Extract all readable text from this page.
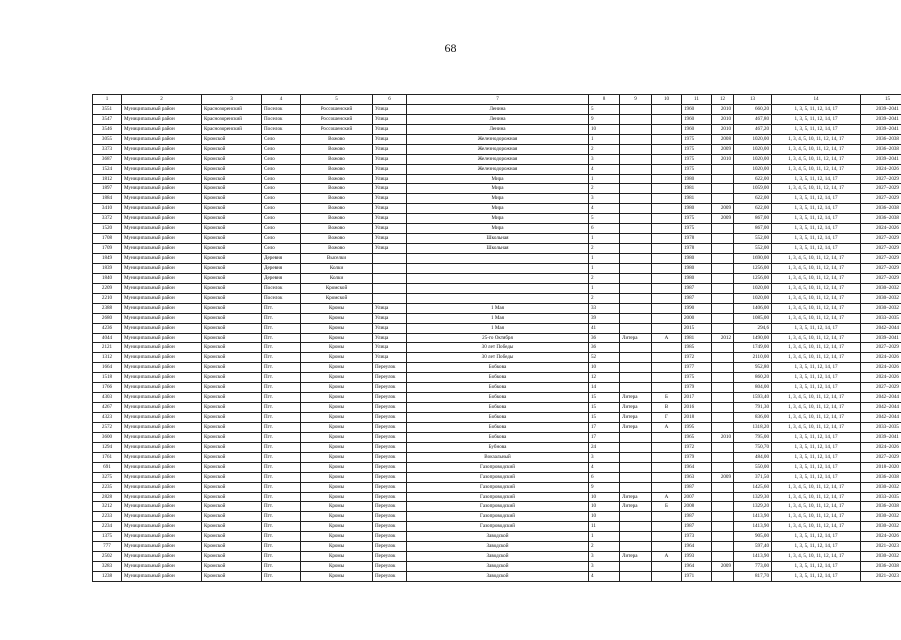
68
1	2	3	4	5	6	7	8	9	10	11	12	13	14	15
3551	Муниципальный район	Краснозоренский	Поселок	Россошенский	Улица	Ленина	5			1960	2010	660,20	1, 3, 5, 11, 12, 14, 17	2039–2041
3547	Муниципальный район	Краснозоренский	Поселок	Россошенский	Улица	Ленина	9			1960	2010	467,80	1, 3, 5, 11, 12, 14, 17	2039–2041
3546	Муниципальный район	Краснозоренский	Поселок	Россошенский	Улица	Ленина	10			1960	2010	467,20	1, 3, 5, 11, 12, 14, 17	2039–2041
3055	Муниципальный район	Кромской	Село	Вожово	Улица	Железнодорожная	1			1975	2008	1020,00	1, 3, 4, 5, 10, 11, 12, 14, 17	2036–2038
3373	Муниципальный район	Кромской	Село	Вожово	Улица	Железнодорожная	2			1975	2009	1020,00	1, 3, 4, 5, 10, 11, 12, 14, 17	2036–2038
3687	Муниципальный район	Кромской	Село	Вожово	Улица	Железнодорожная	3			1975	2010	1020,00	1, 3, 4, 5, 10, 11, 12, 14, 17	2039–2041
1524	Муниципальный район	Кромской	Село	Вожово	Улица	Железнодорожная	4			1975		1020,00	1, 3, 4, 5, 10, 11, 12, 14, 17	2024–2026
1812	Муниципальный район	Кромской	Село	Вожово	Улица	Мира	1			1980		622,00	1, 3, 5, 11, 12, 14, 17	2027–2029
1897	Муниципальный район	Кромской	Село	Вожово	Улица	Мира	2			1981		1059,00	1, 3, 4, 5, 10, 11, 12, 14, 17	2027–2029
1884	Муниципальный район	Кромской	Село	Вожово	Улица	Мира	3			1981		622,00	1, 3, 5, 11, 12, 14, 17	2027–2029
3410	Муниципальный район	Кромской	Село	Вожово	Улица	Мира	4			1980	2009	622,00	1, 3, 5, 11, 12, 14, 17	2036–2038
3372	Муниципальный район	Кромской	Село	Вожово	Улица	Мира	5			1975	2009	867,00	1, 3, 5, 11, 12, 14, 17	2036–2038
1520	Муниципальный район	Кромской	Село	Вожово	Улица	Мира	6			1975		867,00	1, 3, 5, 11, 12, 14, 17	2024–2026
1708	Муниципальный район	Кромской	Село	Вожово	Улица	Школьная	1			1978		552,00	1, 3, 5, 11, 12, 14, 17	2027–2029
1709	Муниципальный район	Кромской	Село	Вожово	Улица	Школьная	2			1978		552,00	1, 3, 5, 11, 12, 14, 17	2027–2029
1849	Муниципальный район	Кромской	Деревня	Выселки			1			1980		1690,00	1, 3, 4, 5, 10, 11, 12, 14, 17	2027–2029
1839	Муниципальный район	Кромской	Деревня	Колки			1			1980		1256,00	1, 3, 4, 5, 10, 11, 12, 14, 17	2027–2029
1840	Муниципальный район	Кромской	Деревня	Колки			2			1980		1256,00	1, 3, 4, 5, 10, 11, 12, 14, 17	2027–2029
2209	Муниципальный район	Кромской	Поселок	Кромской			1			1987		1020,00	1, 3, 4, 5, 10, 11, 12, 14, 17	2030–2032
2210	Муниципальный район	Кромской	Поселок	Кромской			2			1987		1020,00	1, 3, 4, 5, 10, 11, 12, 14, 17	2030–2032
2388	Муниципальный район	Кромской	Пгт.	Кромы	Улица	1 Мая	33			1990		1406,00	1, 3, 4, 5, 10, 11, 12, 14, 17	2030–2032
2680	Муниципальный район	Кромской	Пгт.	Кромы	Улица	1 Мая	39			2000		1085,00	1, 3, 4, 5, 10, 11, 12, 14, 17	2033–2035
4236	Муниципальный район	Кромской	Пгт.	Кромы	Улица	1 Мая	41			2015		294,6	1, 3, 5, 11, 12, 14, 17	2042–2044
4044	Муниципальный район	Кромской	Пгт.	Кромы	Улица	25-го Октября	36	Литера	А	1981	2012	1490,00	1, 3, 4, 5, 10, 11, 12, 14, 17	2039–2041
2121	Муниципальный район	Кромской	Пгт.	Кромы	Улица	30 лет Победы	36			1985		1749,00	1, 3, 4, 5, 10, 11, 12, 14, 17	2027–2029
1312	Муниципальный район	Кромской	Пгт.	Кромы	Улица	30 лет Победы	52			1972		2110,00	1, 3, 4, 5, 10, 11, 12, 14, 17	2024–2026
1664	Муниципальный район	Кромской	Пгт.	Кромы	Переулок	Бобкова	10			1977		952,80	1, 3, 5, 11, 12, 14, 17	2024–2026
1518	Муниципальный район	Кромской	Пгт.	Кромы	Переулок	Бобкова	12			1975		860,20	1, 3, 5, 11, 12, 14, 17	2024–2026
1766	Муниципальный район	Кромской	Пгт.	Кромы	Переулок	Бобкова	14			1979		804,00	1, 3, 5, 11, 12, 14, 17	2027–2029
4303	Муниципальный район	Кромской	Пгт.	Кромы	Переулок	Бобкова	15	Литера	Б	2017		1593,40	1, 3, 4, 5, 10, 11, 12, 14, 17	2042–2044
4267	Муниципальный район	Кромской	Пгт.	Кромы	Переулок	Бобкова	15	Литера	В	2016		791,30	1, 3, 4, 5, 10, 11, 12, 14, 17	2042–2044
4323	Муниципальный район	Кромской	Пгт.	Кромы	Переулок	Бобкова	15	Литера	Г	2018		836,00	1, 3, 4, 5, 10, 11, 12, 14, 17	2042–2044
2572	Муниципальный район	Кромской	Пгт.	Кромы	Переулок	Бобкова	17	Литера	А	1995		1318,20	1, 3, 4, 5, 10, 11, 12, 14, 17	2033–2035
3600	Муниципальный район	Кромской	Пгт.	Кромы	Переулок	Бобкова	17			1965	2010	795,00	1, 3, 5, 11, 12, 14, 17	2039–2041
1294	Муниципальный район	Кромской	Пгт.	Кромы	Переулок	Бубнова	24			1972		750,70	1, 3, 5, 11, 12, 14, 17	2024–2026
1761	Муниципальный район	Кромской	Пгт.	Кромы	Переулок	Вокзальный	3			1979		484,00	1, 3, 5, 11, 12, 14, 17	2027–2029
691	Муниципальный район	Кромской	Пгт.	Кромы	Переулок	Газопроводский	4			1964		550,00	1, 3, 5, 11, 12, 14, 17	2018–2020
3275	Муниципальный район	Кромской	Пгт.	Кромы	Переулок	Газопроводский	6			1963	2009	371,50	1, 3, 5, 11, 12, 14, 17	2036–2038
2235	Муниципальный район	Кромской	Пгт.	Кромы	Переулок	Газопроводский	9			1987		1425,60	1, 3, 4, 5, 10, 11, 12, 14, 17	2030–2032
2828	Муниципальный район	Кромской	Пгт.	Кромы	Переулок	Газопроводский	10	Литера	А	2007		1329,30	1, 3, 4, 5, 10, 11, 12, 14, 17	2033–2035
3212	Муниципальный район	Кромской	Пгт.	Кромы	Переулок	Газопроводский	10	Литера	Б	2008		1329,20	1, 3, 4, 5, 10, 11, 12, 14, 17	2036–2038
2233	Муниципальный район	Кромской	Пгт.	Кромы	Переулок	Газопроводский	10			1987		1413,90	1, 3, 4, 5, 10, 11, 12, 14, 17	2030–2032
2234	Муниципальный район	Кромской	Пгт.	Кромы	Переулок	Газопроводский	11			1987		1413,90	1, 3, 4, 5, 10, 11, 12, 14, 17	2030–2032
1375	Муниципальный район	Кромской	Пгт.	Кромы	Переулок	Заводской	1			1973		905,00	1, 3, 5, 11, 12, 14, 17	2024–2026
777	Муниципальный район	Кромской	Пгт.	Кромы	Переулок	Заводской	2			1964		597,40	1, 3, 5, 11, 12, 14, 17	2021–2023
2502	Муниципальный район	Кромской	Пгт.	Кромы	Переулок	Заводской	3	Литера	А	1993		1413,90	1, 3, 4, 5, 10, 11, 12, 14, 17	2030–2032
3283	Муниципальный район	Кромской	Пгт.	Кромы	Переулок	Заводской	3			1964	2009	773,00	1, 3, 5, 11, 12, 14, 17	2036–2038
1238	Муниципальный район	Кромской	Пгт.	Кромы	Переулок	Заводской	4			1971		817,70	1, 3, 5, 11, 12, 14, 17	2021–2023
